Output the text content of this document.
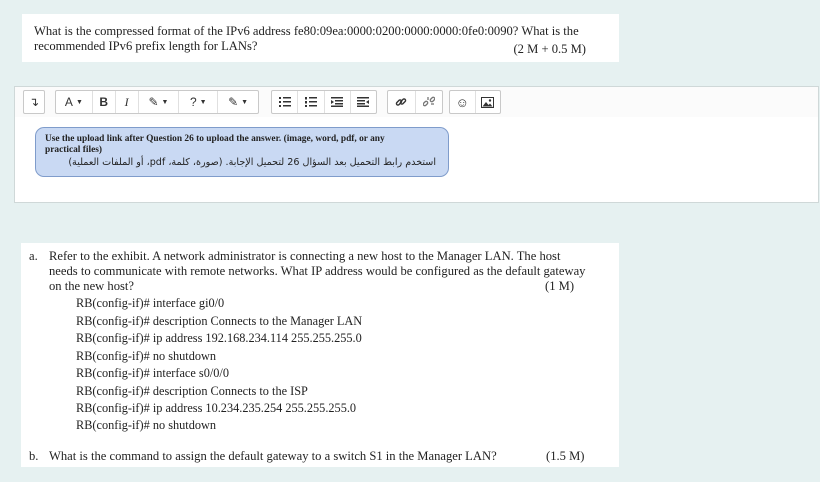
What is the compressed format of the IPv6 address fe80:09ea:0000:0200:0000:0000:0fe0:0090? What is the
recommended IPv6 prefix length for LANs?	(2 M + 0.5 M)
↴ A ▼ B I ✎ ▼ ? ▼ ✎ ▼	☺
Use the upload link after Question 26 to upload the answer. (image, word, pdf, or any
practical files)
استخدم رابط التحميل بعد السؤال 26 لتحميل الإجابة. (صورة، كلمة، pdf، أو الملفات العملية)
a. Refer to the exhibit. A network administrator is connecting a new host to the Manager LAN. The host
needs to communicate with remote networks. What IP address would be configured as the default gateway
on the new host?	(1 M)
RB(config-if)# interface gi0/0
RB(config-if)# description Connects to the Manager LAN
RB(config-if)# ip address 192.168.234.114 255.255.255.0
RB(config-if)# no shutdown
RB(config-if)# interface s0/0/0
RB(config-if)# description Connects to the ISP
RB(config-if)# ip address 10.234.235.254 255.255.255.0
RB(config-if)# no shutdown
b. What is the command to assign the default gateway to a switch S1 in the Manager LAN?	(1.5 M)
